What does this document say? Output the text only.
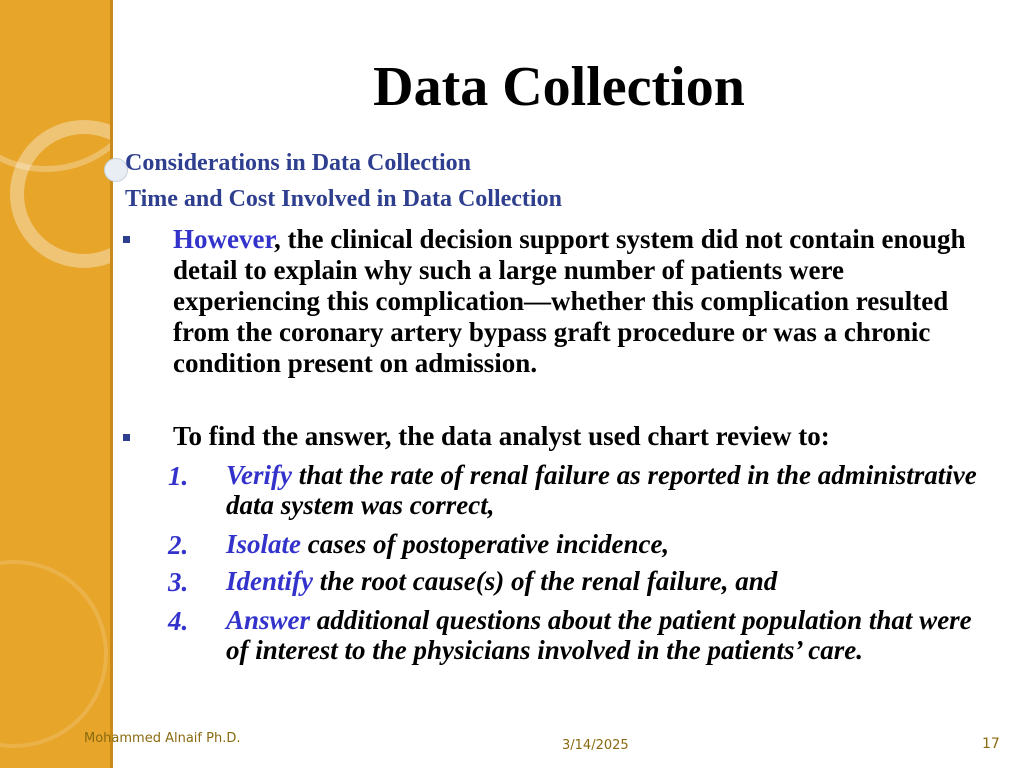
Data Collection
Considerations in Data Collection
Time and Cost Involved in Data Collection
However, the clinical decision support system did not contain enough detail to explain why such a large number of patients were experiencing this complication—whether this complication resulted from the coronary artery bypass graft procedure or was a chronic condition present on admission.
To find the answer, the data analyst used chart review to:
1. Verify that the rate of renal failure as reported in the administrative data system was correct,
2. Isolate cases of postoperative incidence,
3. Identify the root cause(s) of the renal failure, and
4. Answer additional questions about the patient population that were of interest to the physicians involved in the patients’ care.
Mohammed Alnaif Ph.D.	3/14/2025	17
